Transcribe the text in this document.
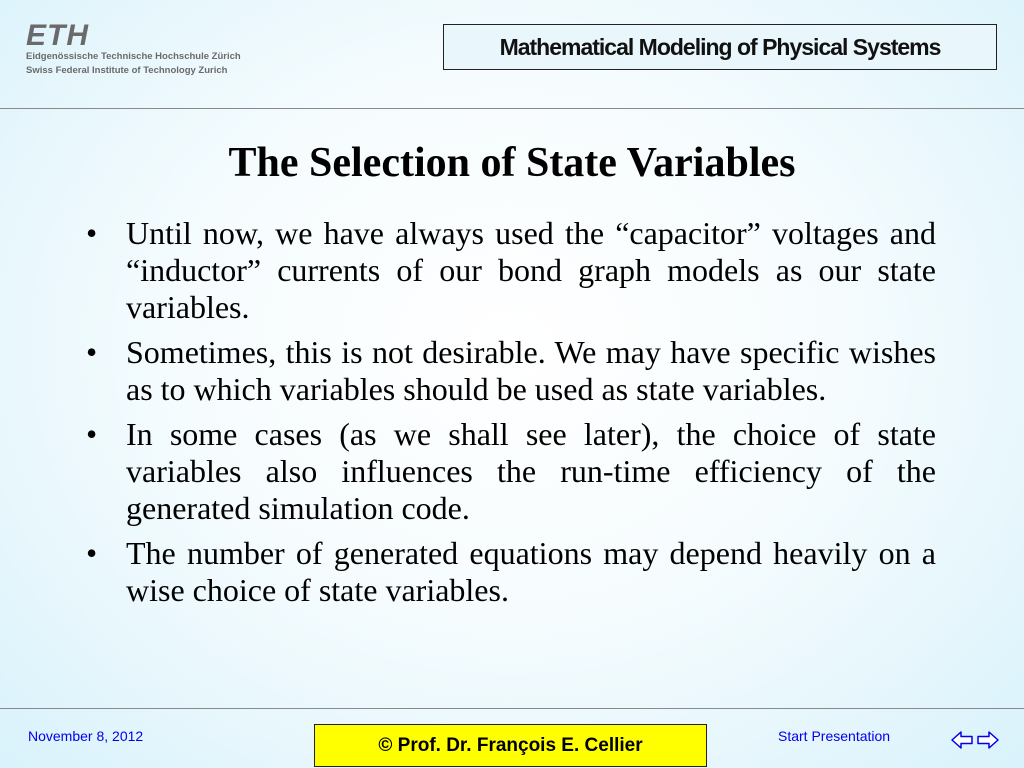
ETH
Eidgenössische Technische Hochschule Zürich
Swiss Federal Institute of Technology Zurich
Mathematical Modeling of Physical Systems
The Selection of State Variables
• Until now, we have always used the “capacitor” voltages and “inductor” currents of our bond graph models as our state variables.
• Sometimes, this is not desirable. We may have specific wishes as to which variables should be used as state variables.
• In some cases (as we shall see later), the choice of state variables also influences the run-time efficiency of the generated simulation code.
• The number of generated equations may depend heavily on a wise choice of state variables.
November 8, 2012	© Prof. Dr. François E. Cellier	Start Presentation
